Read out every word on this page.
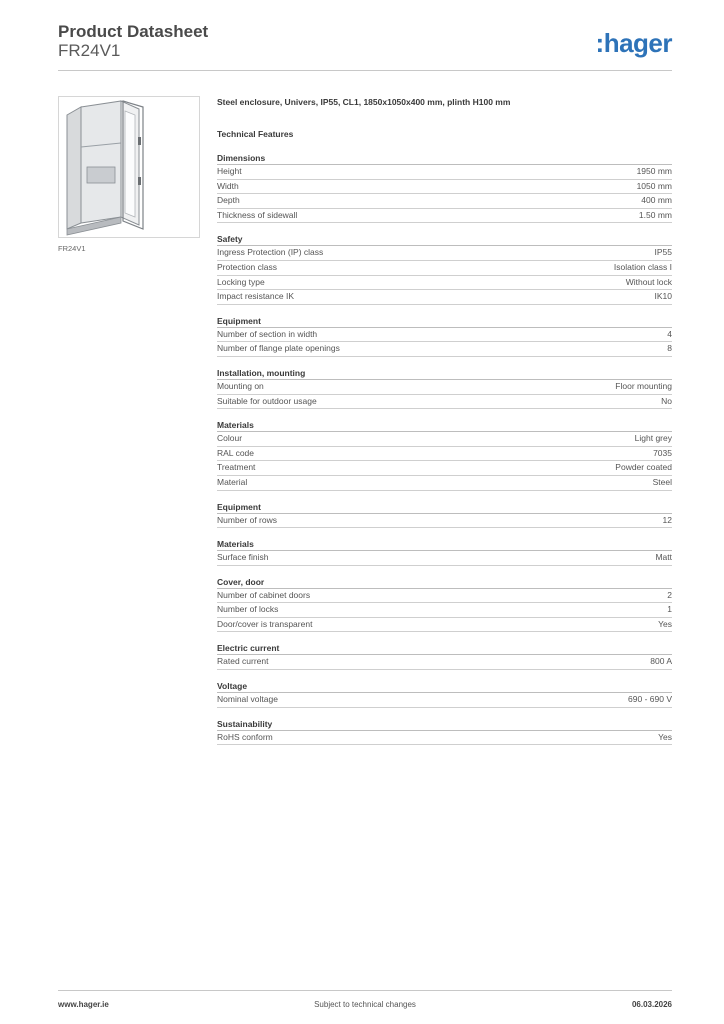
Product Datasheet
FR24V1	:hager
FR24V1
Steel enclosure, Univers, IP55, CL1, 1850x1050x400 mm, plinth H100 mm
Technical Features
Dimensions
Height	1950 mm
Width	1050 mm
Depth	400 mm
Thickness of sidewall	1.50 mm
Safety
Ingress Protection (IP) class	IP55
Protection class	Isolation class I
Locking type	Without lock
Impact resistance IK	IK10
Equipment
Number of section in width	4
Number of flange plate openings	8
Installation, mounting
Mounting on	Floor mounting
Suitable for outdoor usage	No
Materials
Colour	Light grey
RAL code	7035
Treatment	Powder coated
Material	Steel
Equipment
Number of rows	12
Materials
Surface finish	Matt
Cover, door
Number of cabinet doors	2
Number of locks	1
Door/cover is transparent	Yes
Electric current
Rated current	800 A
Voltage
Nominal voltage	690 - 690 V
Sustainability
RoHS conform	Yes
www.hager.ie	Subject to technical changes	06.03.2026
